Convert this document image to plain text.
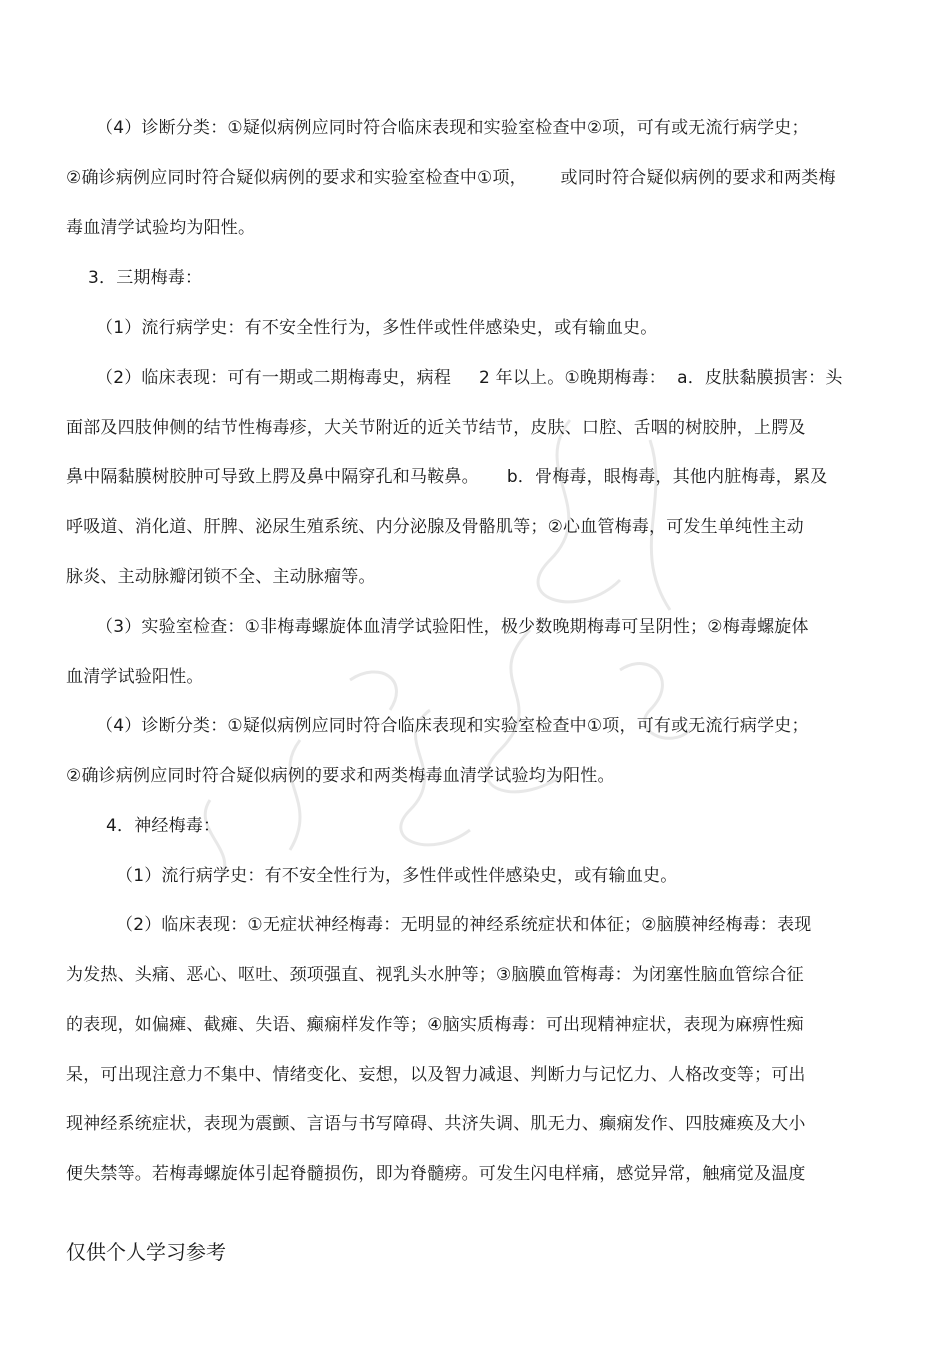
（4）诊断分类：①疑似病例应同时符合临床表现和实验室检查中②项，可有或无流行病学史；
②确诊病例应同时符合疑似病例的要求和实验室检查中①项，      或同时符合疑似病例的要求和两类梅
毒血清学试验均为阳性。
3．三期梅毒：
（1）流行病学史：有不安全性行为，多性伴或性伴感染史，或有输血史。
（2）临床表现：可有一期或二期梅毒史，病程     2 年以上。①晚期梅毒：  a．皮肤黏膜损害：头
面部及四肢伸侧的结节性梅毒疹，大关节附近的近关节结节，皮肤、口腔、舌咽的树胶肿，上腭及
鼻中隔黏膜树胶肿可导致上腭及鼻中隔穿孔和马鞍鼻。     b．骨梅毒，眼梅毒，其他内脏梅毒，累及
呼吸道、消化道、肝脾、泌尿生殖系统、内分泌腺及骨骼肌等；②心血管梅毒，可发生单纯性主动
脉炎、主动脉瓣闭锁不全、主动脉瘤等。
（3）实验室检查：①非梅毒螺旋体血清学试验阳性，极少数晚期梅毒可呈阴性；②梅毒螺旋体
血清学试验阳性。
（4）诊断分类：①疑似病例应同时符合临床表现和实验室检查中①项，可有或无流行病学史；
②确诊病例应同时符合疑似病例的要求和两类梅毒血清学试验均为阳性。
4．神经梅毒：
（1）流行病学史：有不安全性行为，多性伴或性伴感染史，或有输血史。
（2）临床表现：①无症状神经梅毒：无明显的神经系统症状和体征；②脑膜神经梅毒：表现
为发热、头痛、恶心、呕吐、颈项强直、视乳头水肿等；③脑膜血管梅毒：为闭塞性脑血管综合征
的表现，如偏瘫、截瘫、失语、癫痫样发作等；④脑实质梅毒：可出现精神症状，表现为麻痹性痴
呆，可出现注意力不集中、情绪变化、妄想，以及智力减退、判断力与记忆力、人格改变等；可出
现神经系统症状，表现为震颤、言语与书写障碍、共济失调、肌无力、癫痫发作、四肢瘫痪及大小
便失禁等。若梅毒螺旋体引起脊髓损伤，即为脊髓痨。可发生闪电样痛，感觉异常，触痛觉及温度
仅供个人学习参考
